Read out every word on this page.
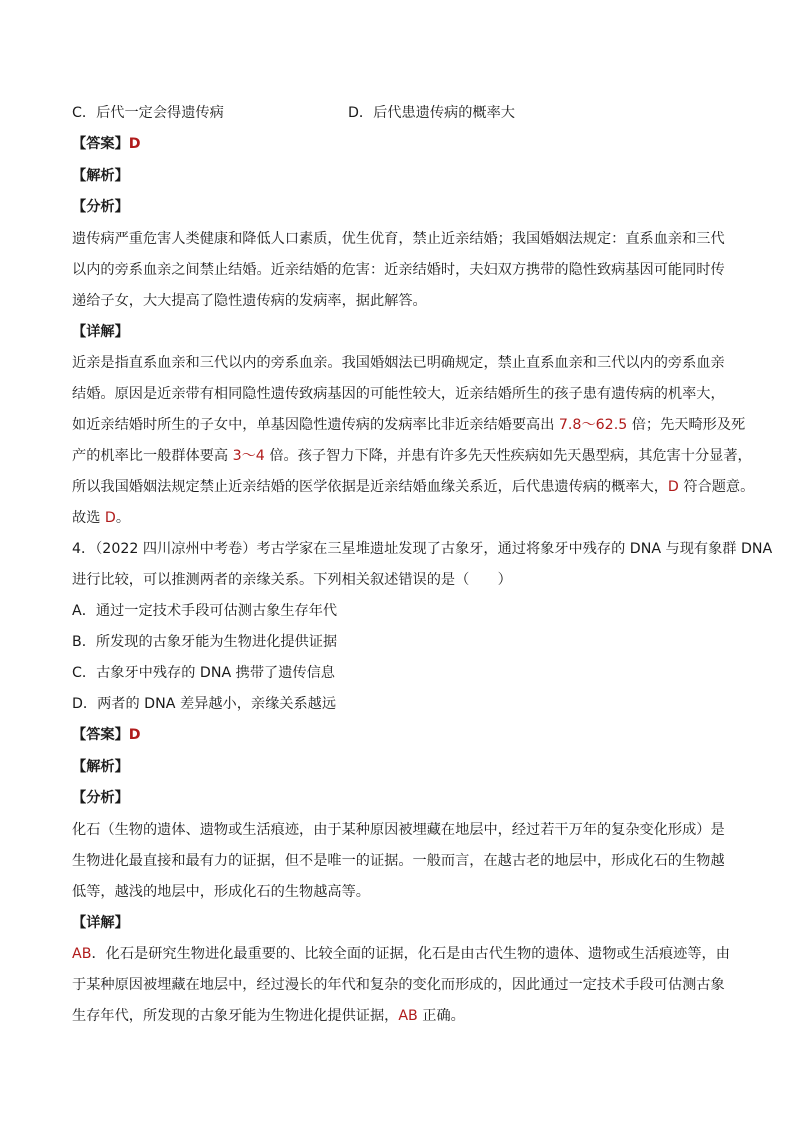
C．后代一定会得遗传病	D．后代患遗传病的概率大
【答案】D
【解析】
【分析】
遗传病严重危害人类健康和降低人口素质，优生优育，禁止近亲结婚；我国婚姻法规定：直系血亲和三代
以内的旁系血亲之间禁止结婚。近亲结婚的危害：近亲结婚时，夫妇双方携带的隐性致病基因可能同时传
递给子女，大大提高了隐性遗传病的发病率，据此解答。
【详解】
近亲是指直系血亲和三代以内的旁系血亲。我国婚姻法已明确规定，禁止直系血亲和三代以内的旁系血亲
结婚。原因是近亲带有相同隐性遗传致病基因的可能性较大，近亲结婚所生的孩子患有遗传病的机率大，
如近亲结婚时所生的子女中，单基因隐性遗传病的发病率比非近亲结婚要高出 7.8～62.5 倍；先天畸形及死
产的机率比一般群体要高 3～4 倍。孩子智力下降，并患有许多先天性疾病如先天愚型病，其危害十分显著，
所以我国婚姻法规定禁止近亲结婚的医学依据是近亲结婚血缘关系近，后代患遗传病的概率大，D 符合题意。
故选 D。
4．（2022 四川凉州中考卷）考古学家在三星堆遗址发现了古象牙，通过将象牙中残存的 DNA 与现有象群 DNA
进行比较，可以推测两者的亲缘关系。下列相关叙述错误的是（　　）
A．通过一定技术手段可估测古象生存年代
B．所发现的古象牙能为生物进化提供证据
C．古象牙中残存的 DNA 携带了遗传信息
D．两者的 DNA 差异越小，亲缘关系越远
【答案】D
【解析】
【分析】
化石（生物的遗体、遗物或生活痕迹，由于某种原因被埋藏在地层中，经过若干万年的复杂变化形成）是
生物进化最直接和最有力的证据，但不是唯一的证据。一般而言，在越古老的地层中，形成化石的生物越
低等，越浅的地层中，形成化石的生物越高等。
【详解】
AB．化石是研究生物进化最重要的、比较全面的证据，化石是由古代生物的遗体、遗物或生活痕迹等，由
于某种原因被埋藏在地层中，经过漫长的年代和复杂的变化而形成的，因此通过一定技术手段可估测古象
生存年代，所发现的古象牙能为生物进化提供证据，AB 正确。
